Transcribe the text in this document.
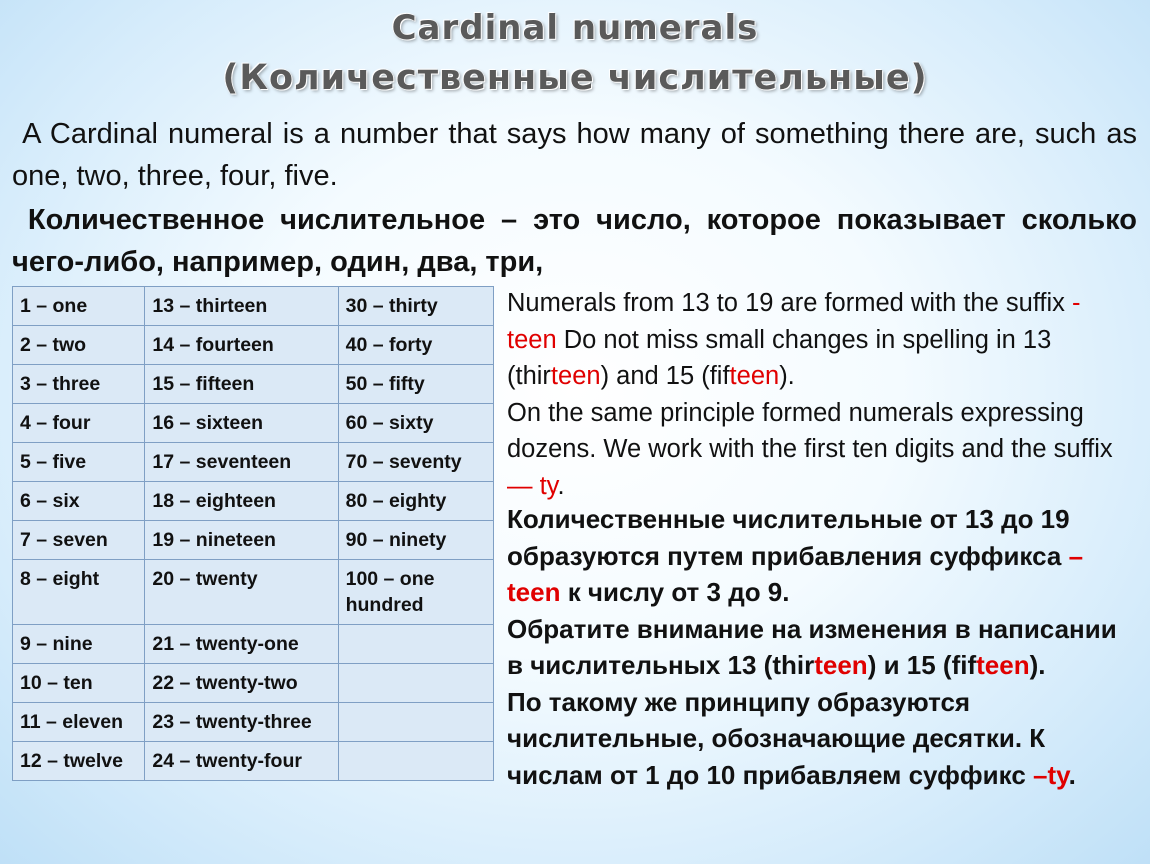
Cardinal numerals
(Количественные числительные)
A Cardinal numeral is a number that says how many of something there are, such as one, two, three, four, five.
Количественное числительное – это число, которое показывает сколько чего-либо, например, один, два, три,
1 – one	13 – thirteen	30 – thirty
2 – two	14 – fourteen	40 – forty
3 – three	15 – fifteen	50 – fifty
4 – four	16 – sixteen	60 – sixty
5 – five	17 – seventeen	70 – seventy
6 – six	18 – eighteen	80 – eighty
7 – seven	19 – nineteen	90 – ninety
8 – eight	20 – twenty	100 – one hundred
9 – nine	21 – twenty-one	
10 – ten	22 – twenty-two	
11 – eleven	23 – twenty-three	
12 – twelve	24 – twenty-four	
Numerals from 13 to 19 are formed with the suffix -teen Do not miss small changes in spelling in 13 (thirteen) and 15 (fifteen).
On the same principle formed numerals expressing dozens. We work with the first ten digits and the suffix — ty.
Количественные числительные от 13 до 19 образуются путем прибавления суффикса –teen к числу от 3 до 9.
Обратите внимание на изменения в написании в числительных 13 (thirteen) и 15 (fifteen).
По такому же принципу образуются числительные, обозначающие десятки. К числам от 1 до 10 прибавляем суффикс –ty.
